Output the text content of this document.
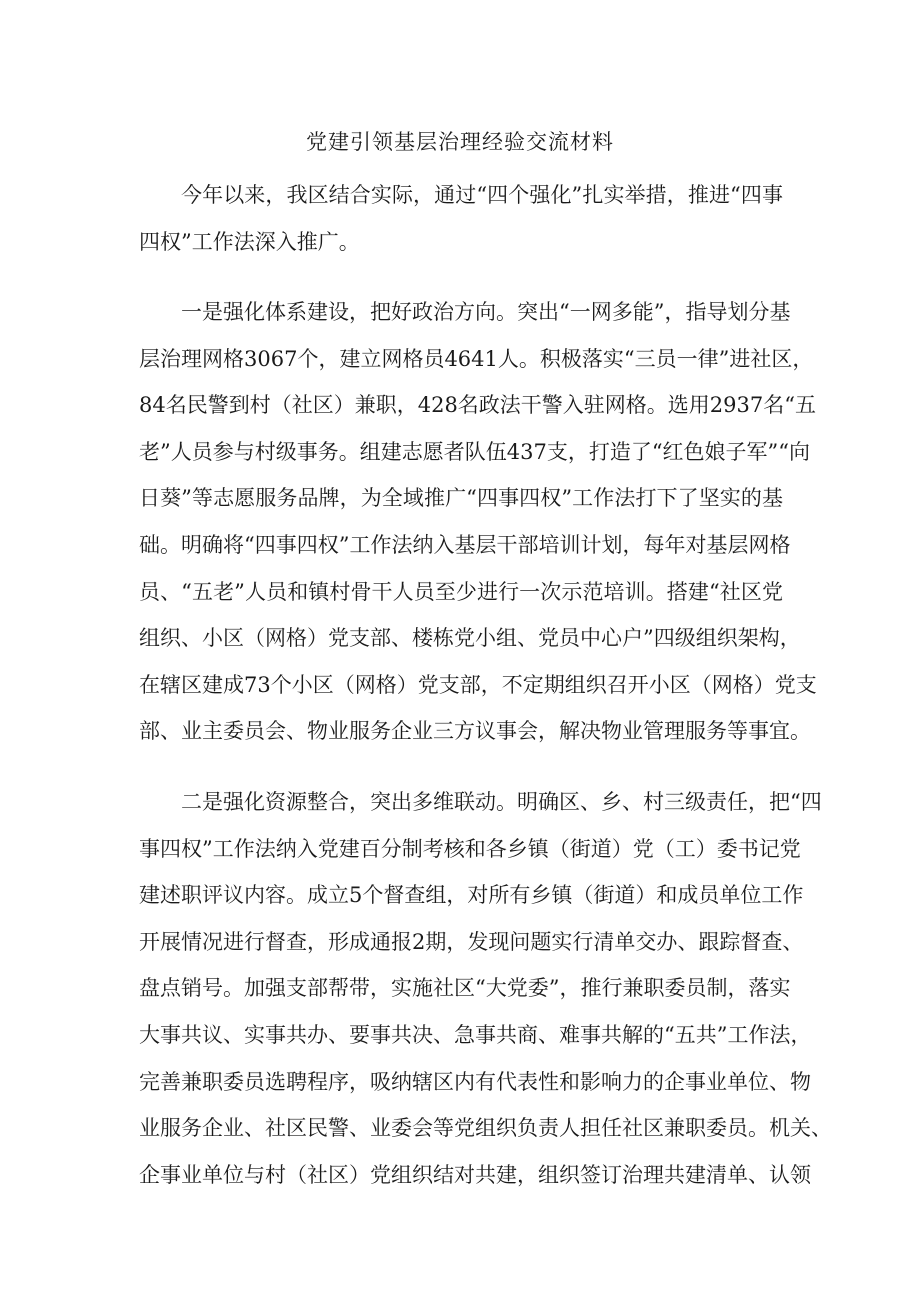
党建引领基层治理经验交流材料
今年以来，我区结合实际，通过“四个强化”扎实举措，推进“四事
四权”工作法深入推广。
一是强化体系建设，把好政治方向。突出“一网多能”，指导划分基
层治理网格3067个，建立网格员4641人。积极落实“三员一律”进社区，
84名民警到村（社区）兼职，428名政法干警入驻网格。选用2937名“五
老”人员参与村级事务。组建志愿者队伍437支，打造了“红色娘子军”“向
日葵”等志愿服务品牌，为全域推广“四事四权”工作法打下了坚实的基
础。明确将“四事四权”工作法纳入基层干部培训计划，每年对基层网格
员、“五老”人员和镇村骨干人员至少进行一次示范培训。搭建“社区党
组织、小区（网格）党支部、楼栋党小组、党员中心户”四级组织架构，
在辖区建成73个小区（网格）党支部，不定期组织召开小区（网格）党支
部、业主委员会、物业服务企业三方议事会，解决物业管理服务等事宜。
二是强化资源整合，突出多维联动。明确区、乡、村三级责任，把“四
事四权”工作法纳入党建百分制考核和各乡镇（街道）党（工）委书记党
建述职评议内容。成立5个督查组，对所有乡镇（街道）和成员单位工作
开展情况进行督查，形成通报2期，发现问题实行清单交办、跟踪督查、
盘点销号。加强支部帮带，实施社区“大党委”，推行兼职委员制，落实
大事共议、实事共办、要事共决、急事共商、难事共解的“五共”工作法，
完善兼职委员选聘程序，吸纳辖区内有代表性和影响力的企事业单位、物
业服务企业、社区民警、业委会等党组织负责人担任社区兼职委员。机关、
企事业单位与村（社区）党组织结对共建，组织签订治理共建清单、认领
